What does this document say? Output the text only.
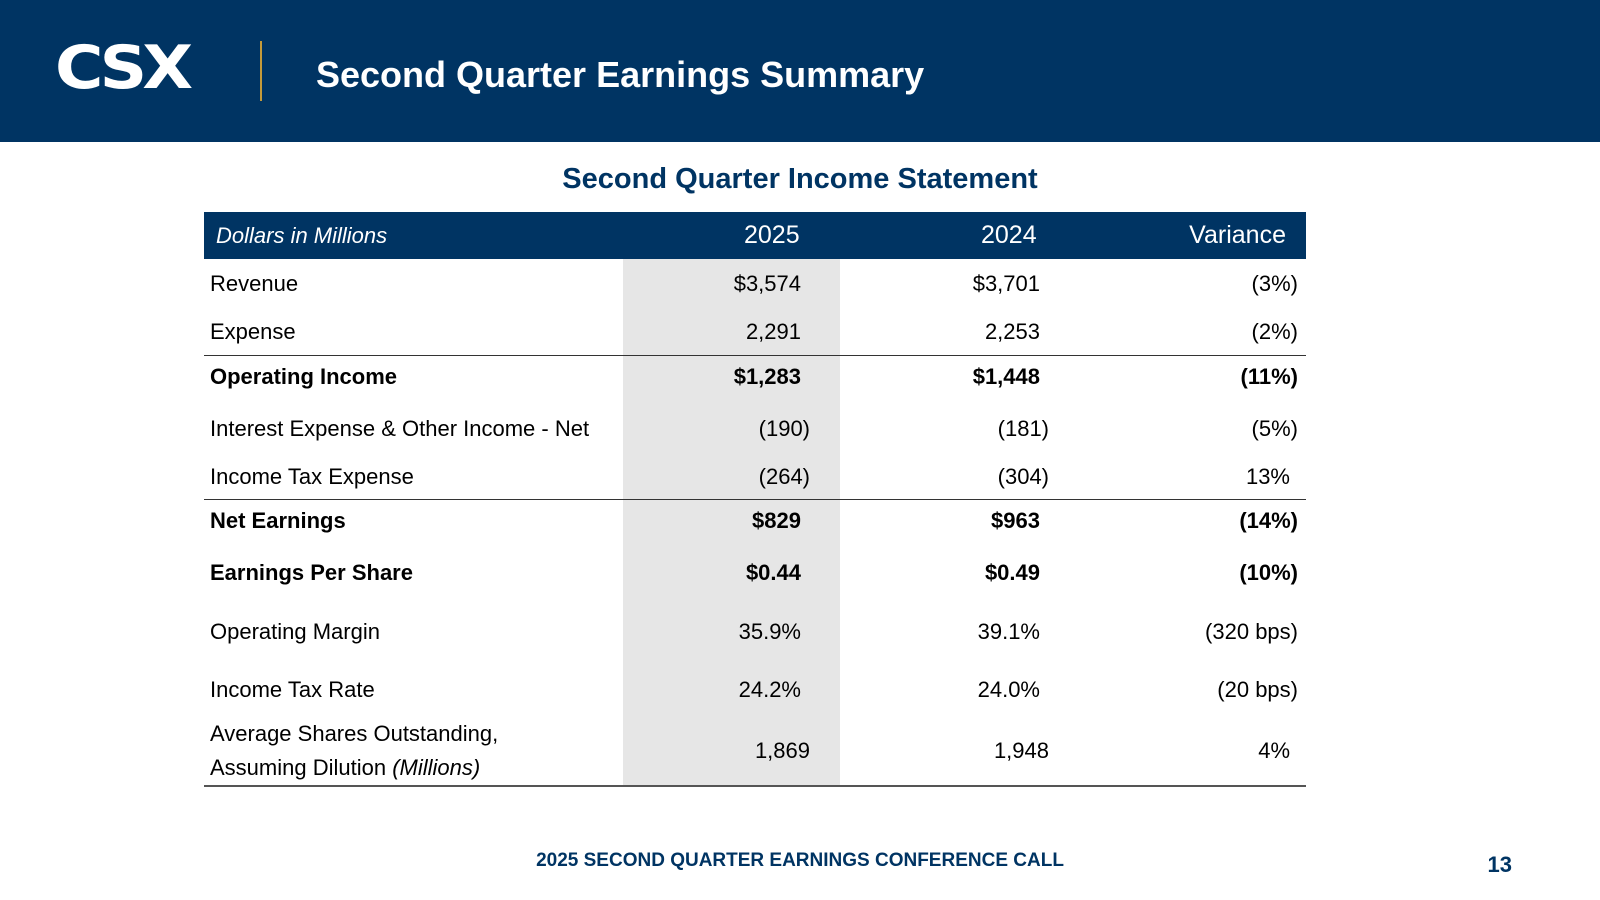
CSX	Second Quarter Earnings Summary
Second Quarter Income Statement
Dollars in Millions	2025	2024	Variance
Revenue	$3,574	$3,701	(3%)
Expense	2,291	2,253	(2%)
Operating Income	$1,283	$1,448	(11%)
Interest Expense & Other Income - Net	(190)	(181)	(5%)
Income Tax Expense	(264)	(304)	13%
Net Earnings	$829	$963	(14%)
Earnings Per Share	$0.44	$0.49	(10%)
Operating Margin	35.9%	39.1%	(320 bps)
Income Tax Rate	24.2%	24.0%	(20 bps)
Average Shares Outstanding,
Assuming Dilution (Millions)
1,869	1,948	4%
2025 SECOND QUARTER EARNINGS CONFERENCE CALL	13
